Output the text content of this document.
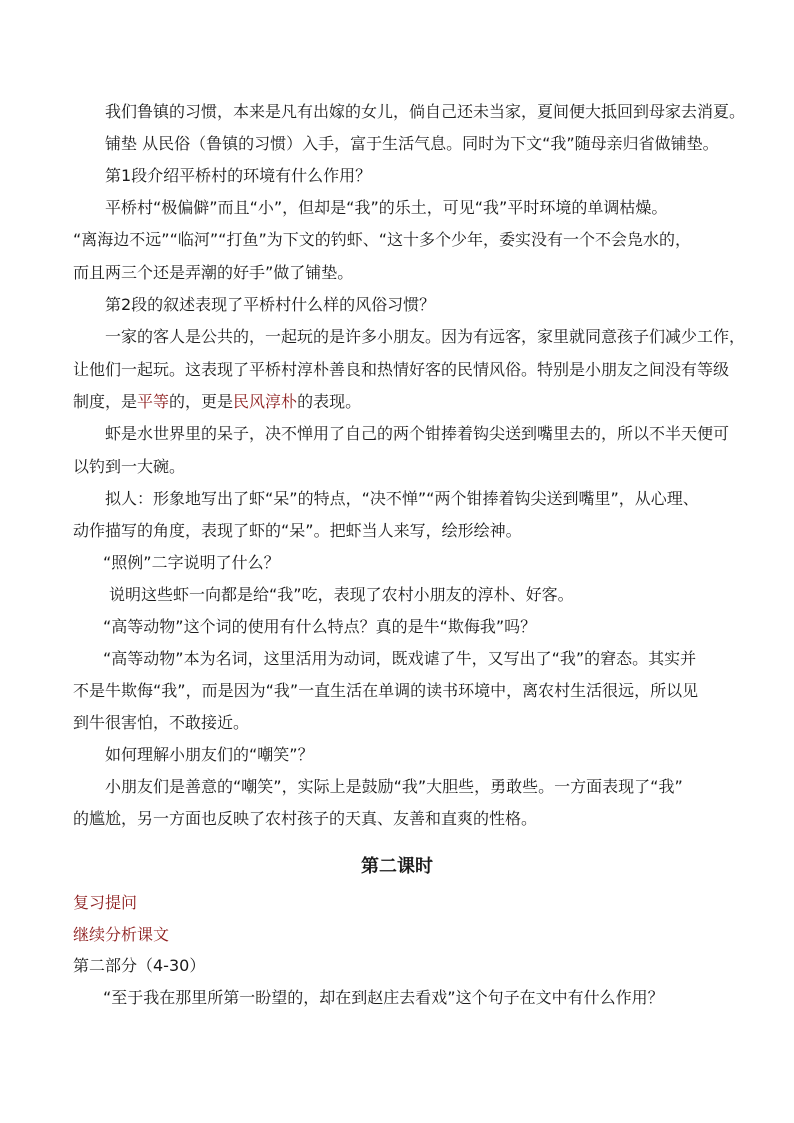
我们鲁镇的习惯，本来是凡有出嫁的女儿，倘自己还未当家，夏间便大抵回到母家去消夏。

铺垫 从民俗（鲁镇的习惯）入手，富于生活气息。同时为下文“我”随母亲归省做铺垫。

第1段介绍平桥村的环境有什么作用？

平桥村“极偏僻”而且“小”，但却是“我”的乐土，可见“我”平时环境的单调枯燥。

“离海边不远”“临河”“打鱼”为下文的钓虾、“这十多个少年，委实没有一个不会凫水的，

而且两三个还是弄潮的好手”做了铺垫。

第2段的叙述表现了平桥村什么样的风俗习惯？

一家的客人是公共的，一起玩的是许多小朋友。因为有远客，家里就同意孩子们减少工作，

让他们一起玩。这表现了平桥村淳朴善良和热情好客的民情风俗。特别是小朋友之间没有等级

制度，是平等的，更是民风淳朴的表现。

虾是水世界里的呆子，决不惮用了自己的两个钳捧着钩尖送到嘴里去的，所以不半天便可

以钓到一大碗。

拟人：形象地写出了虾“呆”的特点，“决不惮”“两个钳捧着钩尖送到嘴里”，从心理、

动作描写的角度，表现了虾的“呆”。把虾当人来写，绘形绘神。

“照例”二字说明了什么？

说明这些虾一向都是给“我”吃，表现了农村小朋友的淳朴、好客。

“高等动物”这个词的使用有什么特点？真的是牛“欺侮我”吗？

“高等动物”本为名词，这里活用为动词，既戏谑了牛，又写出了“我”的窘态。其实并

不是牛欺侮“我”，而是因为“我”一直生活在单调的读书环境中，离农村生活很远，所以见

到牛很害怕，不敢接近。

如何理解小朋友们的“嘲笑”？

小朋友们是善意的“嘲笑”，实际上是鼓励“我”大胆些，勇敢些。一方面表现了“我”

的尴尬，另一方面也反映了农村孩子的天真、友善和直爽的性格。

第二课时

复习提问

继续分析课文

第二部分（4-30）

“至于我在那里所第一盼望的，却在到赵庄去看戏”这个句子在文中有什么作用？
